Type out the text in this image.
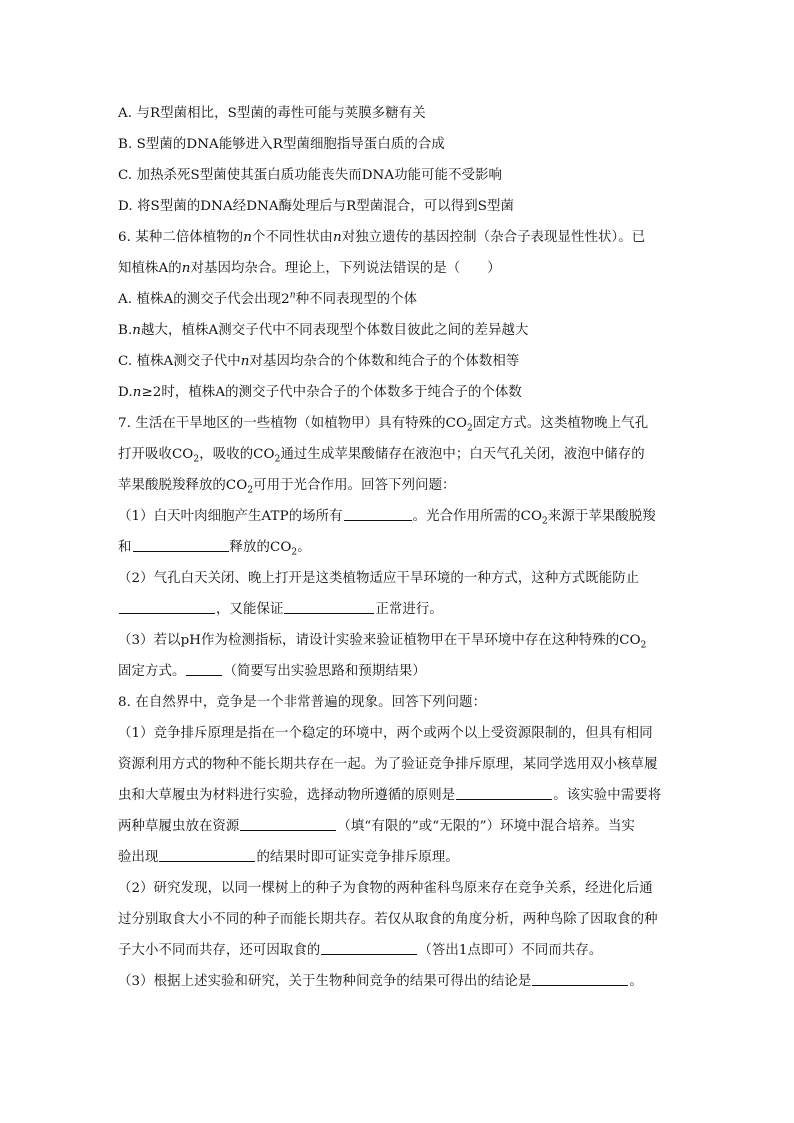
A. 与R型菌相比，S型菌的毒性可能与荚膜多糖有关
B. S型菌的DNA能够进入R型菌细胞指导蛋白质的合成
C. 加热杀死S型菌使其蛋白质功能丧失而DNA功能可能不受影响
D. 将S型菌的DNA经DNA酶处理后与R型菌混合，可以得到S型菌
6. 某种二倍体植物的n个不同性状由n对独立遗传的基因控制（杂合子表现显性性状）。已
知植株A的n对基因均杂合。理论上，下列说法错误的是（　　）
A. 植株A的测交子代会出现2$^n$种不同表现型的个体
B.n越大，植株A测交子代中不同表现型个体数目彼此之间的差异越大
C. 植株A测交子代中n对基因均杂合的个体数和纯合子的个体数相等
D.n≥2时，植株A的测交子代中杂合子的个体数多于纯合子的个体数
7. 生活在干旱地区的一些植物（如植物甲）具有特殊的$CO_2$固定方式。这类植物晚上气孔
打开吸收$CO_2$，吸收的$CO_2$通过生成苹果酸储存在液泡中；白天气孔关闭，液泡中储存的
苹果酸脱羧释放的$CO_2$可用于光合作用。回答下列问题：
（1）白天叶肉细胞产生ATP的场所有	。光合作用所需的$CO_2$来源于苹果酸脱羧
和	释放的$CO_2$。
（2）气孔白天关闭、晚上打开是这类植物适应干旱环境的一种方式，这种方式既能防止
，又能保证	正常进行。
（3）若以pH作为检测指标，请设计实验来验证植物甲在干旱环境中存在这种特殊的$CO_2$
固定方式。	（简要写出实验思路和预期结果）
8. 在自然界中，竞争是一个非常普遍的现象。回答下列问题：
（1）竞争排斥原理是指在一个稳定的环境中，两个或两个以上受资源限制的，但具有相同
资源利用方式的物种不能长期共存在一起。为了验证竞争排斥原理，某同学选用双小核草履
虫和大草履虫为材料进行实验，选择动物所遵循的原则是	。该实验中需要将
两种草履虫放在资源	（填“有限的”或“无限的”）环境中混合培养。当实
验出现	的结果时即可证实竞争排斥原理。
（2）研究发现，以同一棵树上的种子为食物的两种雀科鸟原来存在竞争关系，经进化后通
过分别取食大小不同的种子而能长期共存。若仅从取食的角度分析，两种鸟除了因取食的种
子大小不同而共存，还可因取食的	（答出1点即可）不同而共存。
（3）根据上述实验和研究，关于生物种间竞争的结果可得出的结论是	。
